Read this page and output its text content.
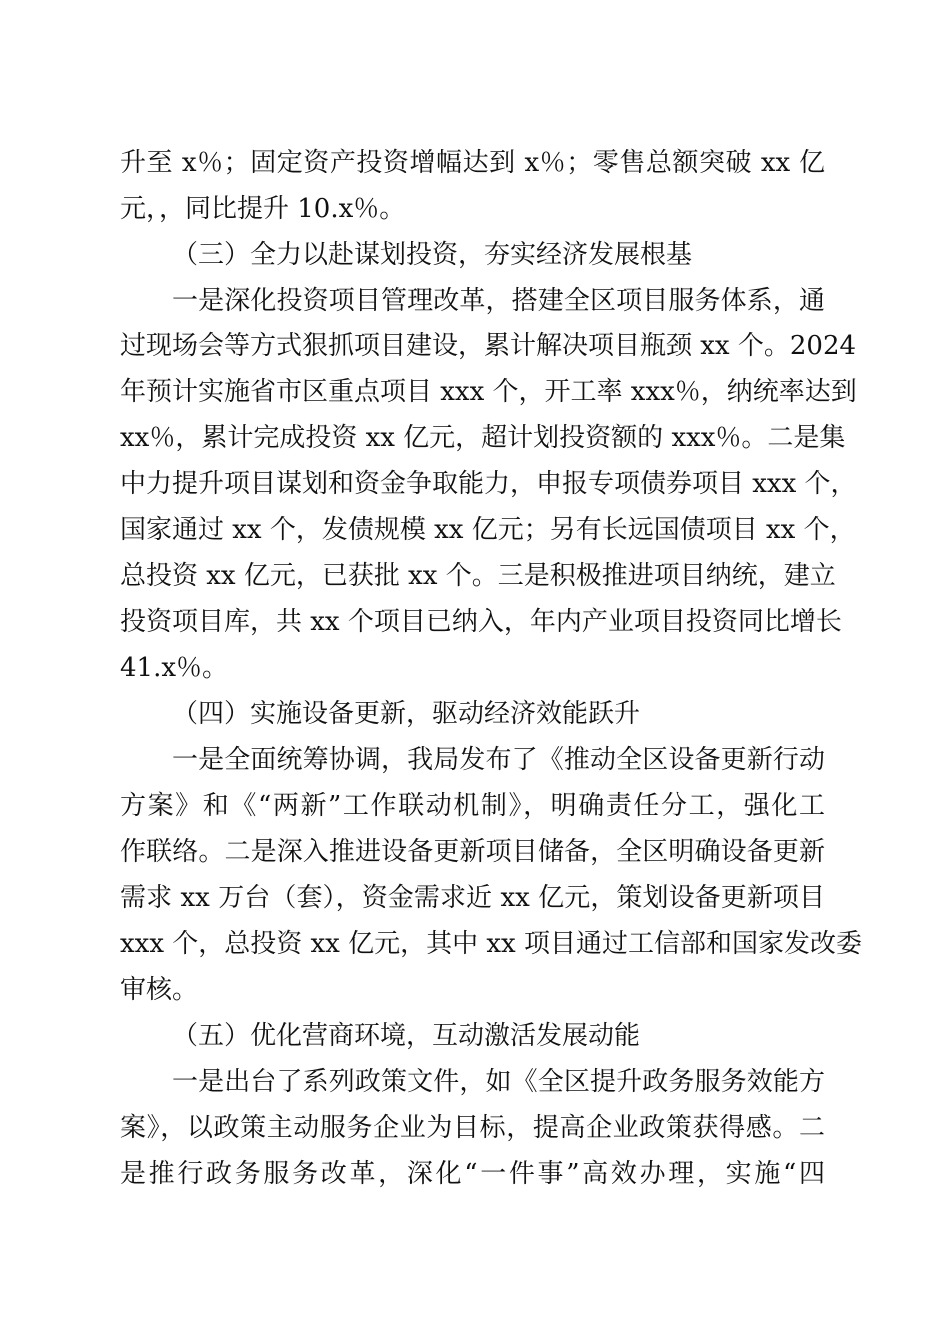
升至 x％；固定资产投资增幅达到 x％；零售总额突破 xx 亿
元，，同比提升 10.x％。
（三）全力以赴谋划投资，夯实经济发展根基
一是深化投资项目管理改革，搭建全区项目服务体系，通
过现场会等方式狠抓项目建设，累计解决项目瓶颈 xx 个。2024
年预计实施省市区重点项目 xxx 个，开工率 xxx％，纳统率达到
xx％，累计完成投资 xx 亿元，超计划投资额的 xxx％。二是集
中力提升项目谋划和资金争取能力，申报专项债券项目 xxx 个，
国家通过 xx 个，发债规模 xx 亿元；另有长远国债项目 xx 个，
总投资 xx 亿元，已获批 xx 个。三是积极推进项目纳统，建立
投资项目库，共 xx 个项目已纳入，年内产业项目投资同比增长
41.x％。
（四）实施设备更新，驱动经济效能跃升
一是全面统筹协调，我局发布了《推动全区设备更新行动
方案》和《“两新”工作联动机制》，明确责任分工，强化工
作联络。二是深入推进设备更新项目储备，全区明确设备更新
需求 xx 万台（套），资金需求近 xx 亿元，策划设备更新项目
xxx 个，总投资 xx 亿元，其中 xx 项目通过工信部和国家发改委
审核。
（五）优化营商环境，互动激活发展动能
一是出台了系列政策文件，如《全区提升政务服务效能方
案》，以政策主动服务企业为目标，提高企业政策获得感。二
是推行政务服务改革，深化“一件事”高效办理，实施“四
